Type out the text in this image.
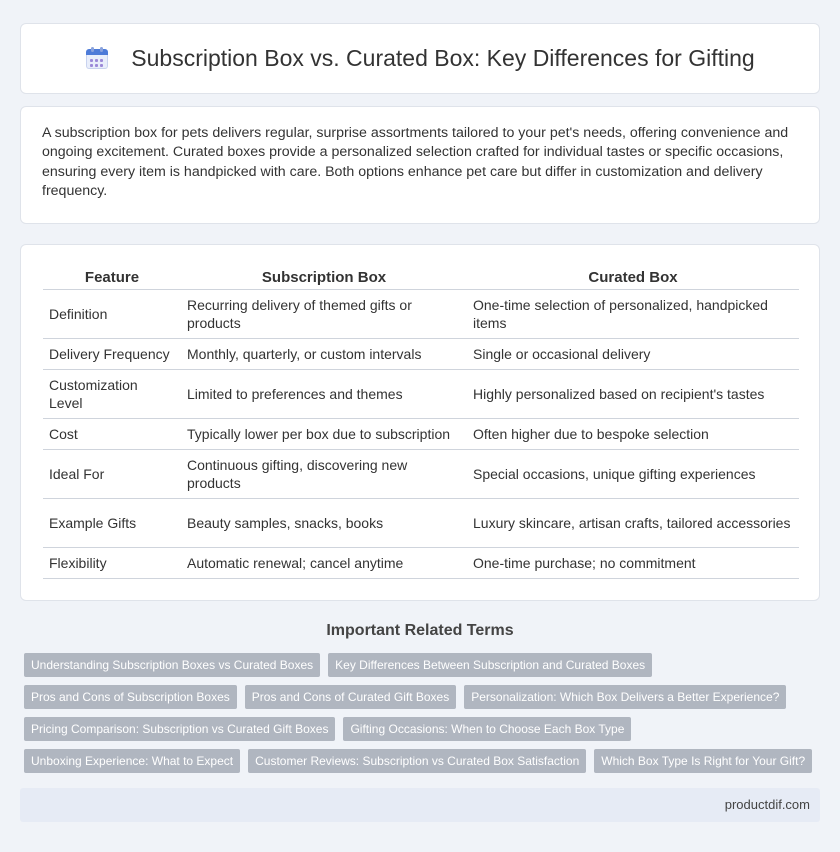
Subscription Box vs. Curated Box: Key Differences for Gifting

A subscription box for pets delivers regular, surprise assortments tailored to your pet's needs, offering convenience and ongoing excitement. Curated boxes provide a personalized selection crafted for individual tastes or specific occasions, ensuring every item is handpicked with care. Both options enhance pet care but differ in customization and delivery frequency.

Feature	Subscription Box	Curated Box
Definition	Recurring delivery of themed gifts or products	One-time selection of personalized, handpicked items
Delivery Frequency	Monthly, quarterly, or custom intervals	Single or occasional delivery
Customization Level	Limited to preferences and themes	Highly personalized based on recipient's tastes
Cost	Typically lower per box due to subscription	Often higher due to bespoke selection
Ideal For	Continuous gifting, discovering new products	Special occasions, unique gifting experiences
Example Gifts	Beauty samples, snacks, books	Luxury skincare, artisan crafts, tailored accessories
Flexibility	Automatic renewal; cancel anytime	One-time purchase; no commitment
Important Related Terms
Understanding Subscription Boxes vs Curated Boxes	Key Differences Between Subscription and Curated Boxes
Pros and Cons of Subscription Boxes	Pros and Cons of Curated Gift Boxes	Personalization: Which Box Delivers a Better Experience?
Pricing Comparison: Subscription vs Curated Gift Boxes	Gifting Occasions: When to Choose Each Box Type
Unboxing Experience: What to Expect	Customer Reviews: Subscription vs Curated Box Satisfaction	Which Box Type Is Right for Your Gift?
productdif.com
